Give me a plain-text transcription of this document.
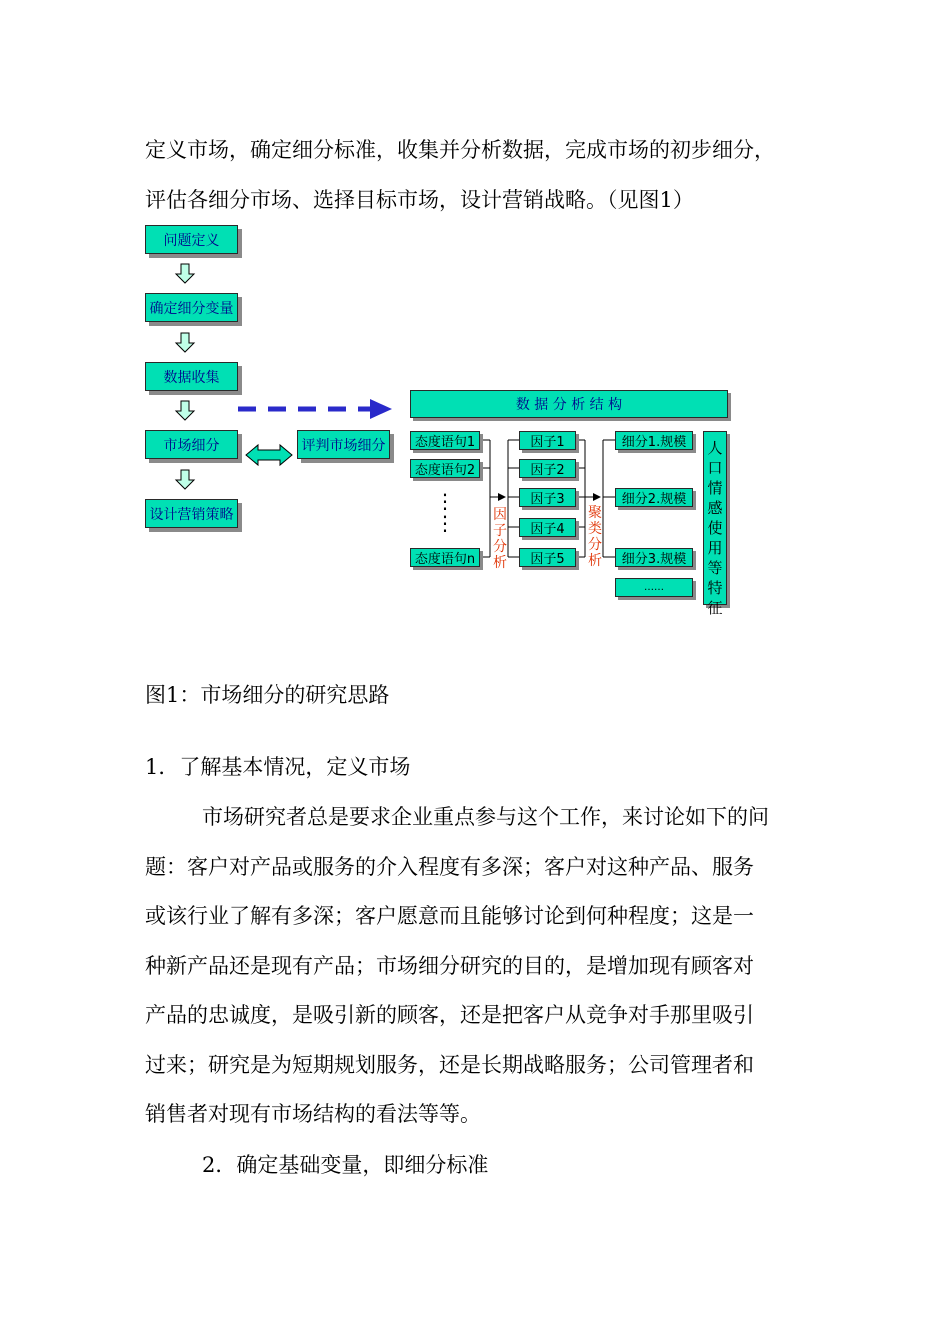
定义市场，确定细分标准，收集并分析数据，完成市场的初步细分，

评估各细分市场、选择目标市场，设计营销战略。（见图1）

问题定义
确定细分变量
数据收集
市场细分
设计营销策略
评判市场细分
数 据 分 析 结 构
态度语句1
态度语句2
⋮
⋮
态度语句n
因子分析
因子1
因子2
因子3
因子4
因子5
聚类分析
细分1.规模
细分2.规模
细分3.规模
……
人口情感使用等特征

图1：市场细分的研究思路

1．了解基本情况，定义市场

市场研究者总是要求企业重点参与这个工作，来讨论如下的问

题：客户对产品或服务的介入程度有多深；客户对这种产品、服务

或该行业了解有多深；客户愿意而且能够讨论到何种程度；这是一

种新产品还是现有产品；市场细分研究的目的，是增加现有顾客对

产品的忠诚度，是吸引新的顾客，还是把客户从竞争对手那里吸引

过来；研究是为短期规划服务，还是长期战略服务；公司管理者和

销售者对现有市场结构的看法等等。

2．确定基础变量，即细分标准
